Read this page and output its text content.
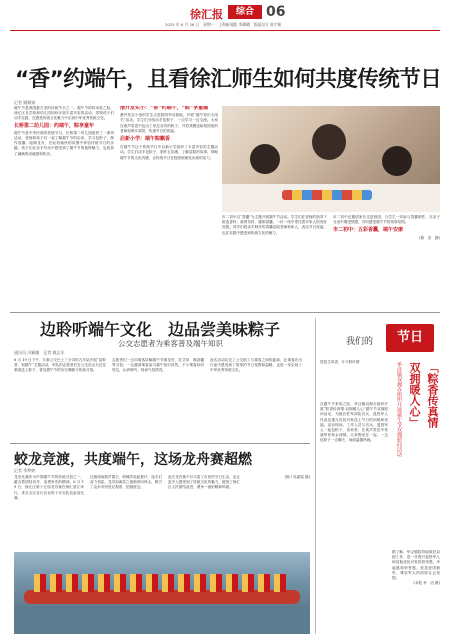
徐汇报	综合 06
2025 年 6 月 26 日　星期一　上海新闻版 李璐璐　版面设计 陈宇航
“香”约端午，且看徐汇师生如何共度传统节日
记者 姚顺娟
端午节是我国最古老的传统节日之一。端午节即将来临之际，徐汇区各学校和幼儿园纷纷开展丰富多彩的活动，带领孩子们动手实践，在感受传统文化魅力中弘扬中华优秀传统文化。
长桥第二幼儿园：约端午，粽享童年
端午节是中华民族的传统节日，长桥第二幼儿园组织了一系列活动，老师和孩子们一起了解端午节的由来，学习包粽子、制作香囊、绘制龙舟，在轻松愉快的氛围中体验传统节日的乐趣。孩子们在亲手劳动中感受到了端午节的独特魅力，也收获了满满的成就感和快乐。
漕开发实小：“香”约端午，“粽”享童趣
漕开发实小组织学生走进校园劳动基地，开展“端午知识大闯关”活动，学生们分组动手包粽子，一边学习一边交流。大家在欢声笑语中包出了形态各异的粽子，并将其赠送给校园里的老师和保安叔叔，传递节日的祝福。
启新小学：端午粽飘香
在端午节这个传统节日中启新小学组织了丰富多彩的主题活动。学生们动手包粽子、制作五彩绳，了解屈原的故事，领略端午节的文化内涵，让传统节日在校园里焕发出新的活力。
市二初中以“香囊”为主题开展端午节活动。学生们在老师的指导下挑选香料、裁剪布料、缝制香囊，一针一线中寄托着对家人的美好祝愿。同学们将亲手制作的香囊送给老师和家人，表达节日祝福，也在实践中感受到传统文化的魅力。
市二初中还邀请家长走进校园，与学生一同参与香囊制作，在亲子互动中增进情感，共同感受端午节的浓厚氛围。
市二初中：五彩香囊，端午安康
(陈　洪　摄)
边聆听端午文化　边品尝美味粽子
公交志愿者为乘客普及端午知识
通讯员 冯颖婕　记者 姚志军
6 月 19 日下午，久事公交巴士三分司的九车队开展“品粽香、知端午”主题活动，车队的志愿者们在公交站点为过往乘客送上粽子，普及端午节的历史渊源与传统习俗。
志愿者们一边向乘客讲解端午节赛龙舟、挂艾草、佩香囊等习俗，一边邀请乘客参与端午知识问答。不少乘客纷纷驻足，认真聆听，现场气氛热烈。
此次活动拉近了公交职工与乘客之间的距离，让乘客在出行途中感受到了浓浓的节日氛围和温暖，也进一步弘扬了中华优秀传统文化。
蛟龙竞渡，共度端午，这场龙舟赛超燃
记者 季梦婷
龙舟比赛作为中国端午节的传统习俗之一，蕴含着团结协作、奋勇争先的精神。6 月 19 日，徐汇区第十五届龙舟赛在徐汇滨江举行，来自全区各行各业的十余支队伍参加比赛。
比赛现场鼓声震天、呐喊声此起彼伏，选手们奋力划桨，龙舟如离弦之箭般冲向终点，吸引了众多市民驻足观看、拍照留念。
此次龙舟赛不仅丰富了市民的节日生活，也让更多人感受到了传统文化的魅力，展现了徐汇区人民团结奋进、勇争一流的精神风貌。
(图 / 吴嘉铭 摄)
我们的	节日
悠悠艾草香，片片粽叶情	「粽香传真情
双拥暖人心」
华泾镇双拥办组织开展端午节双拥慰问活动
在端午节来临之际，华泾镇双拥办组织开展“粽香传真情·双拥暖人心”端午节双拥慰问活动，为辖区驻军部队官兵、退役军人代表及重点优抚对象送上节日的问候和祝福。活动现场，工作人员与官兵、退役军人一起包粽子、话家常，在欢声笑语中传递军民鱼水深情。大家围坐在一起，一边包粽子一边聊天，场面温馨热闹。
据了解，华泾镇将持续做好双拥工作，进一步提升退役军人和其他优抚对象的获得感、幸福感和荣誉感，营造爱国拥军、尊崇军人的浓厚社会氛围。
(本报 李　洁 摄)
